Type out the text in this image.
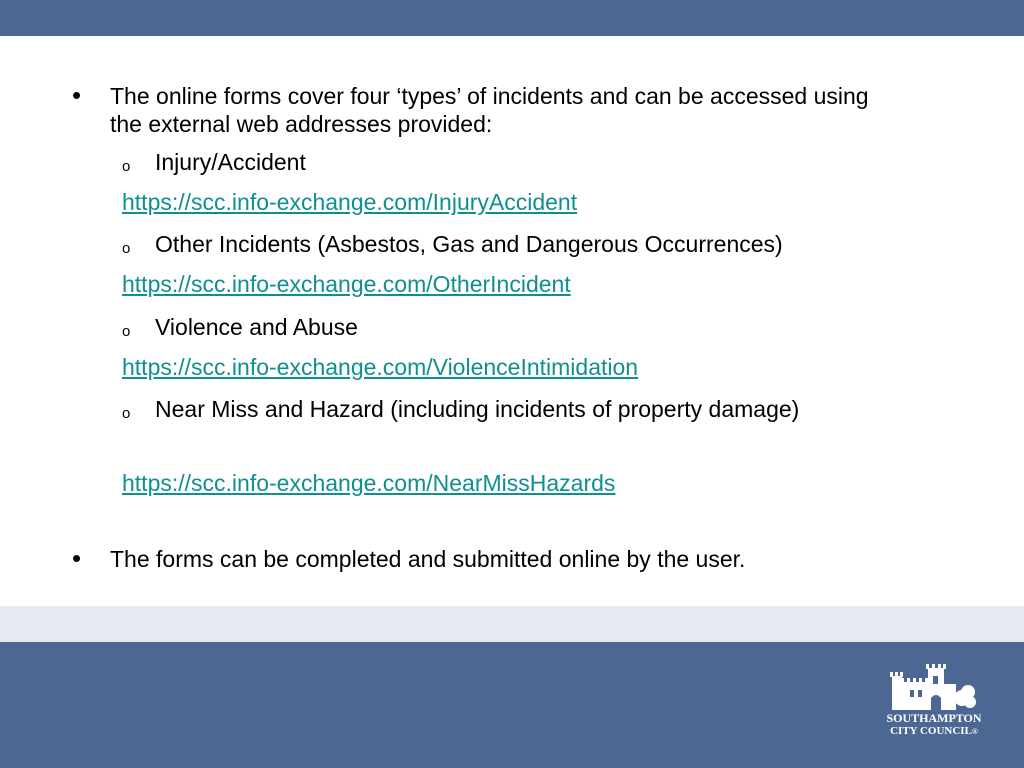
• The online forms cover four ‘types’ of incidents and can be accessed using the external web addresses provided:

o Injury/Accident

https://scc.info-exchange.com/InjuryAccident
o Other Incidents (Asbestos, Gas and Dangerous Occurrences)

https://scc.info-exchange.com/OtherIncident
o Violence and Abuse

https://scc.info-exchange.com/ViolenceIntimidation
o Near Miss and Hazard (including incidents of property damage)

https://scc.info-exchange.com/NearMissHazards
• The forms can be completed and submitted online by the user.

SOUTHAMPTON
CITY COUNCIL®
